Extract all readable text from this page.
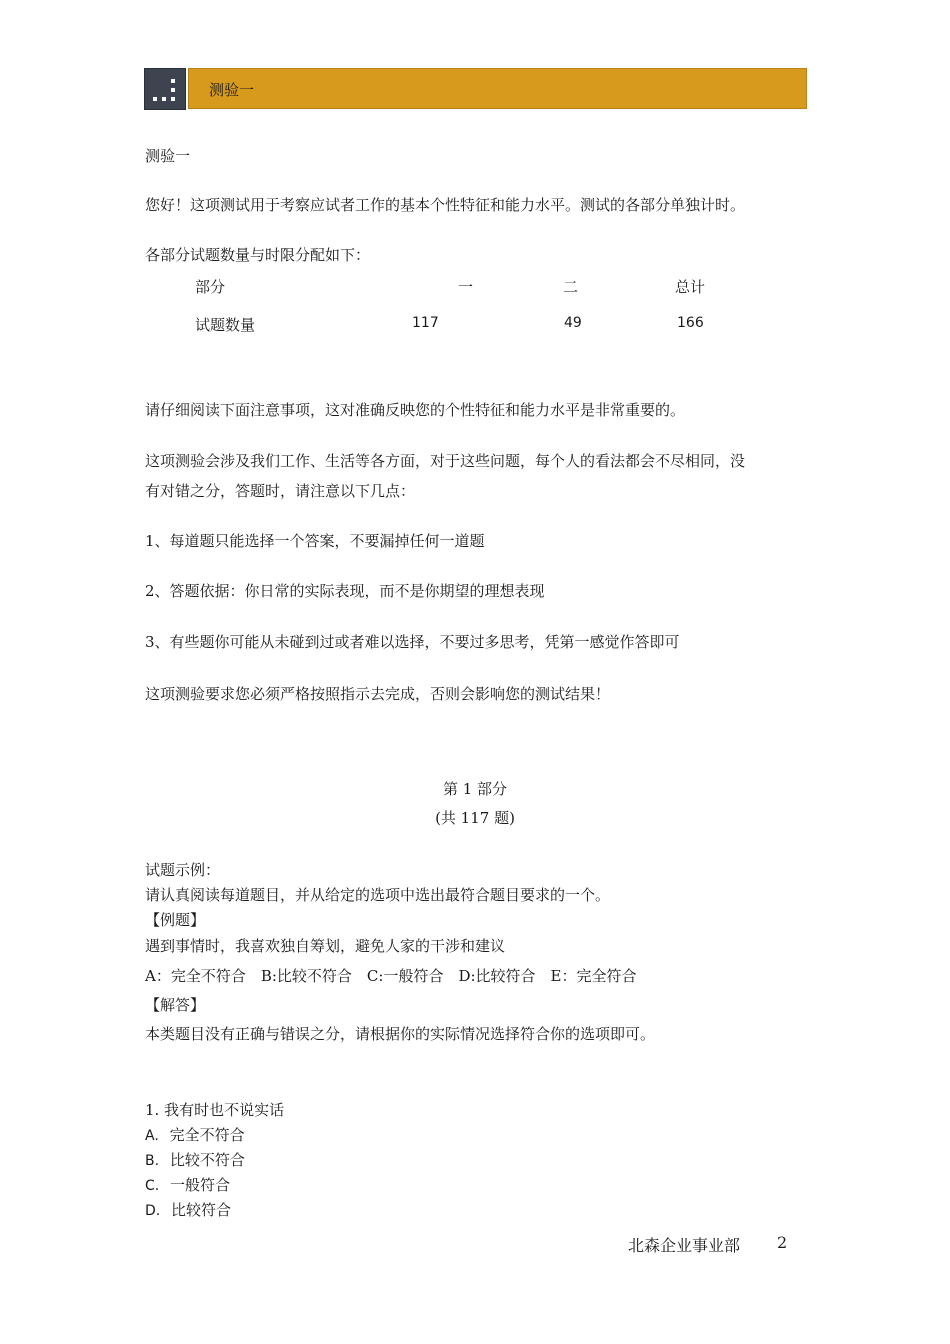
测验一
测验一
您好！这项测试用于考察应试者工作的基本个性特征和能力水平。测试的各部分单独计时。
各部分试题数量与时限分配如下：
部分	一	二	总计
试题数量	117	49	166
请仔细阅读下面注意事项，这对准确反映您的个性特征和能力水平是非常重要的。
这项测验会涉及我们工作、生活等各方面，对于这些问题，每个人的看法都会不尽相同，没
有对错之分，答题时，请注意以下几点：
1、每道题只能选择一个答案，不要漏掉任何一道题
2、答题依据：你日常的实际表现，而不是你期望的理想表现
3、有些题你可能从未碰到过或者难以选择，不要过多思考，凭第一感觉作答即可
这项测验要求您必须严格按照指示去完成，否则会影响您的测试结果！
第 1 部分
(共 117 题)
试题示例：
请认真阅读每道题目，并从给定的选项中选出最符合题目要求的一个。
【例题】
遇到事情时，我喜欢独自筹划，避免人家的干涉和建议
A：完全不符合　B:比较不符合　C:一般符合　D:比较符合　E：完全符合
【解答】
本类题目没有正确与错误之分，请根据你的实际情况选择符合你的选项即可。
1. 我有时也不说实话
A. 完全不符合
B. 比较不符合
C. 一般符合
D. 比较符合
北森企业事业部 2
